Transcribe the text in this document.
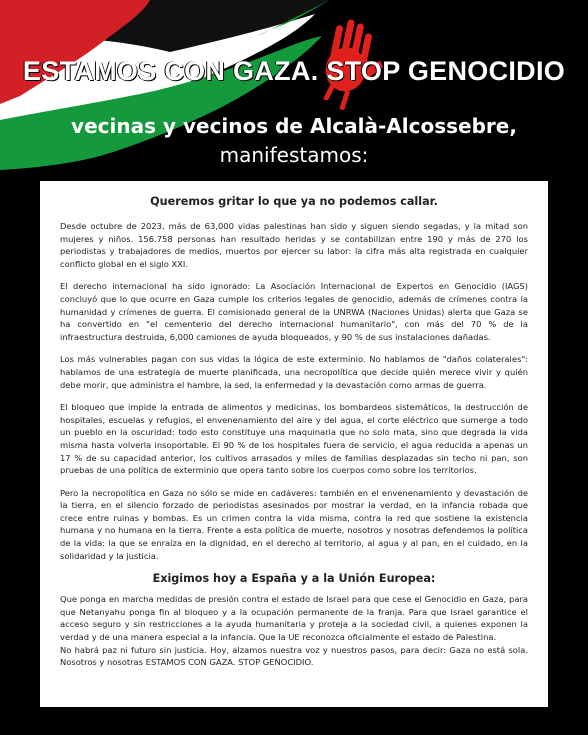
ESTAMOS CON GAZA. STOP GENOCIDIO
vecinas y vecinos de Alcalà-Alcossebre,
manifestamos:
Queremos gritar lo que ya no podemos callar.

Desde octubre de 2023, más de 63,000 vidas palestinas han sido y siguen siendo segadas, y la mitad son mujeres y niños. 156.758 personas han resultado heridas y se contabilizan entre 190 y más de 270 los periodistas y trabajadores de medios, muertos por ejercer su labor: la cifra más alta registrada en cualquier conflicto global en el siglo XXI.

El derecho internacional ha sido ignorado: La Asociación Internacional de Expertos en Genocidio (IAGS) concluyó que lo que ocurre en Gaza cumple los criterios legales de genocidio, además de crímenes contra la humanidad y crímenes de guerra. El comisionado general de la UNRWA (Naciones Unidas) alerta que Gaza se ha convertido en "el cementerio del derecho internacional humanitario", con más del 70 % de la infraestructura destruida, 6,000 camiones de ayuda bloqueados, y 90 % de sus instalaciones dañadas.

Los más vulnerables pagan con sus vidas la lógica de este exterminio. No hablamos de "daños colaterales": hablamos de una estrategia de muerte planificada, una necropolítica que decide quién merece vivir y quién debe morir, que administra el hambre, la sed, la enfermedad y la devastación como armas de guerra.

El bloqueo que impide la entrada de alimentos y medicinas, los bombardeos sistemáticos, la destrucción de hospitales, escuelas y refugios, el envenenamiento del aire y del agua, el corte eléctrico que sumerge a todo un pueblo en la oscuridad: todo esto constituye una maquinaria que no solo mata, sino que degrada la vida misma hasta volverla insoportable. El 90 % de los hospitales fuera de servicio, el agua reducida a apenas un 17 % de su capacidad anterior, los cultivos arrasados y miles de familias desplazadas sin techo ni pan, son pruebas de una política de exterminio que opera tanto sobre los cuerpos como sobre los territorios.

Pero la necropolítica en Gaza no sólo se mide en cadáveres: también en el envenenamiento y devastación de la tierra, en el silencio forzado de periodistas asesinados por mostrar la verdad, en la infancia robada que crece entre ruinas y bombas. Es un crimen contra la vida misma, contra la red que sostiene la existencia humana y no humana en la tierra. Frente a esta política de muerte, nosotros y nosotras defendemos la política de la vida: la que se enraíza en la dignidad, en el derecho al territorio, al agua y al pan, en el cuidado, en la solidaridad y la justicia.

Exigimos hoy a España y a la Unión Europea:

Que ponga en marcha medidas de presión contra el estado de Israel para que cese el Genocidio en Gaza, para que Netanyahu ponga fin al bloqueo y a la ocupación permanente de la franja. Para que Israel garantice el acceso seguro y sin restricciones a la ayuda humanitaria y proteja a la sociedad civil, a quienes exponen la verdad y de una manera especial a la infancia. Que la UE reconozca oficialmente el estado de Palestina.

No habrá paz ni futuro sin justicia. Hoy, alzamos nuestra voz y nuestros pasos, para decir: Gaza no está sola. Nosotros y nosotras ESTAMOS CON GAZA. STOP GENOCIDIO.
